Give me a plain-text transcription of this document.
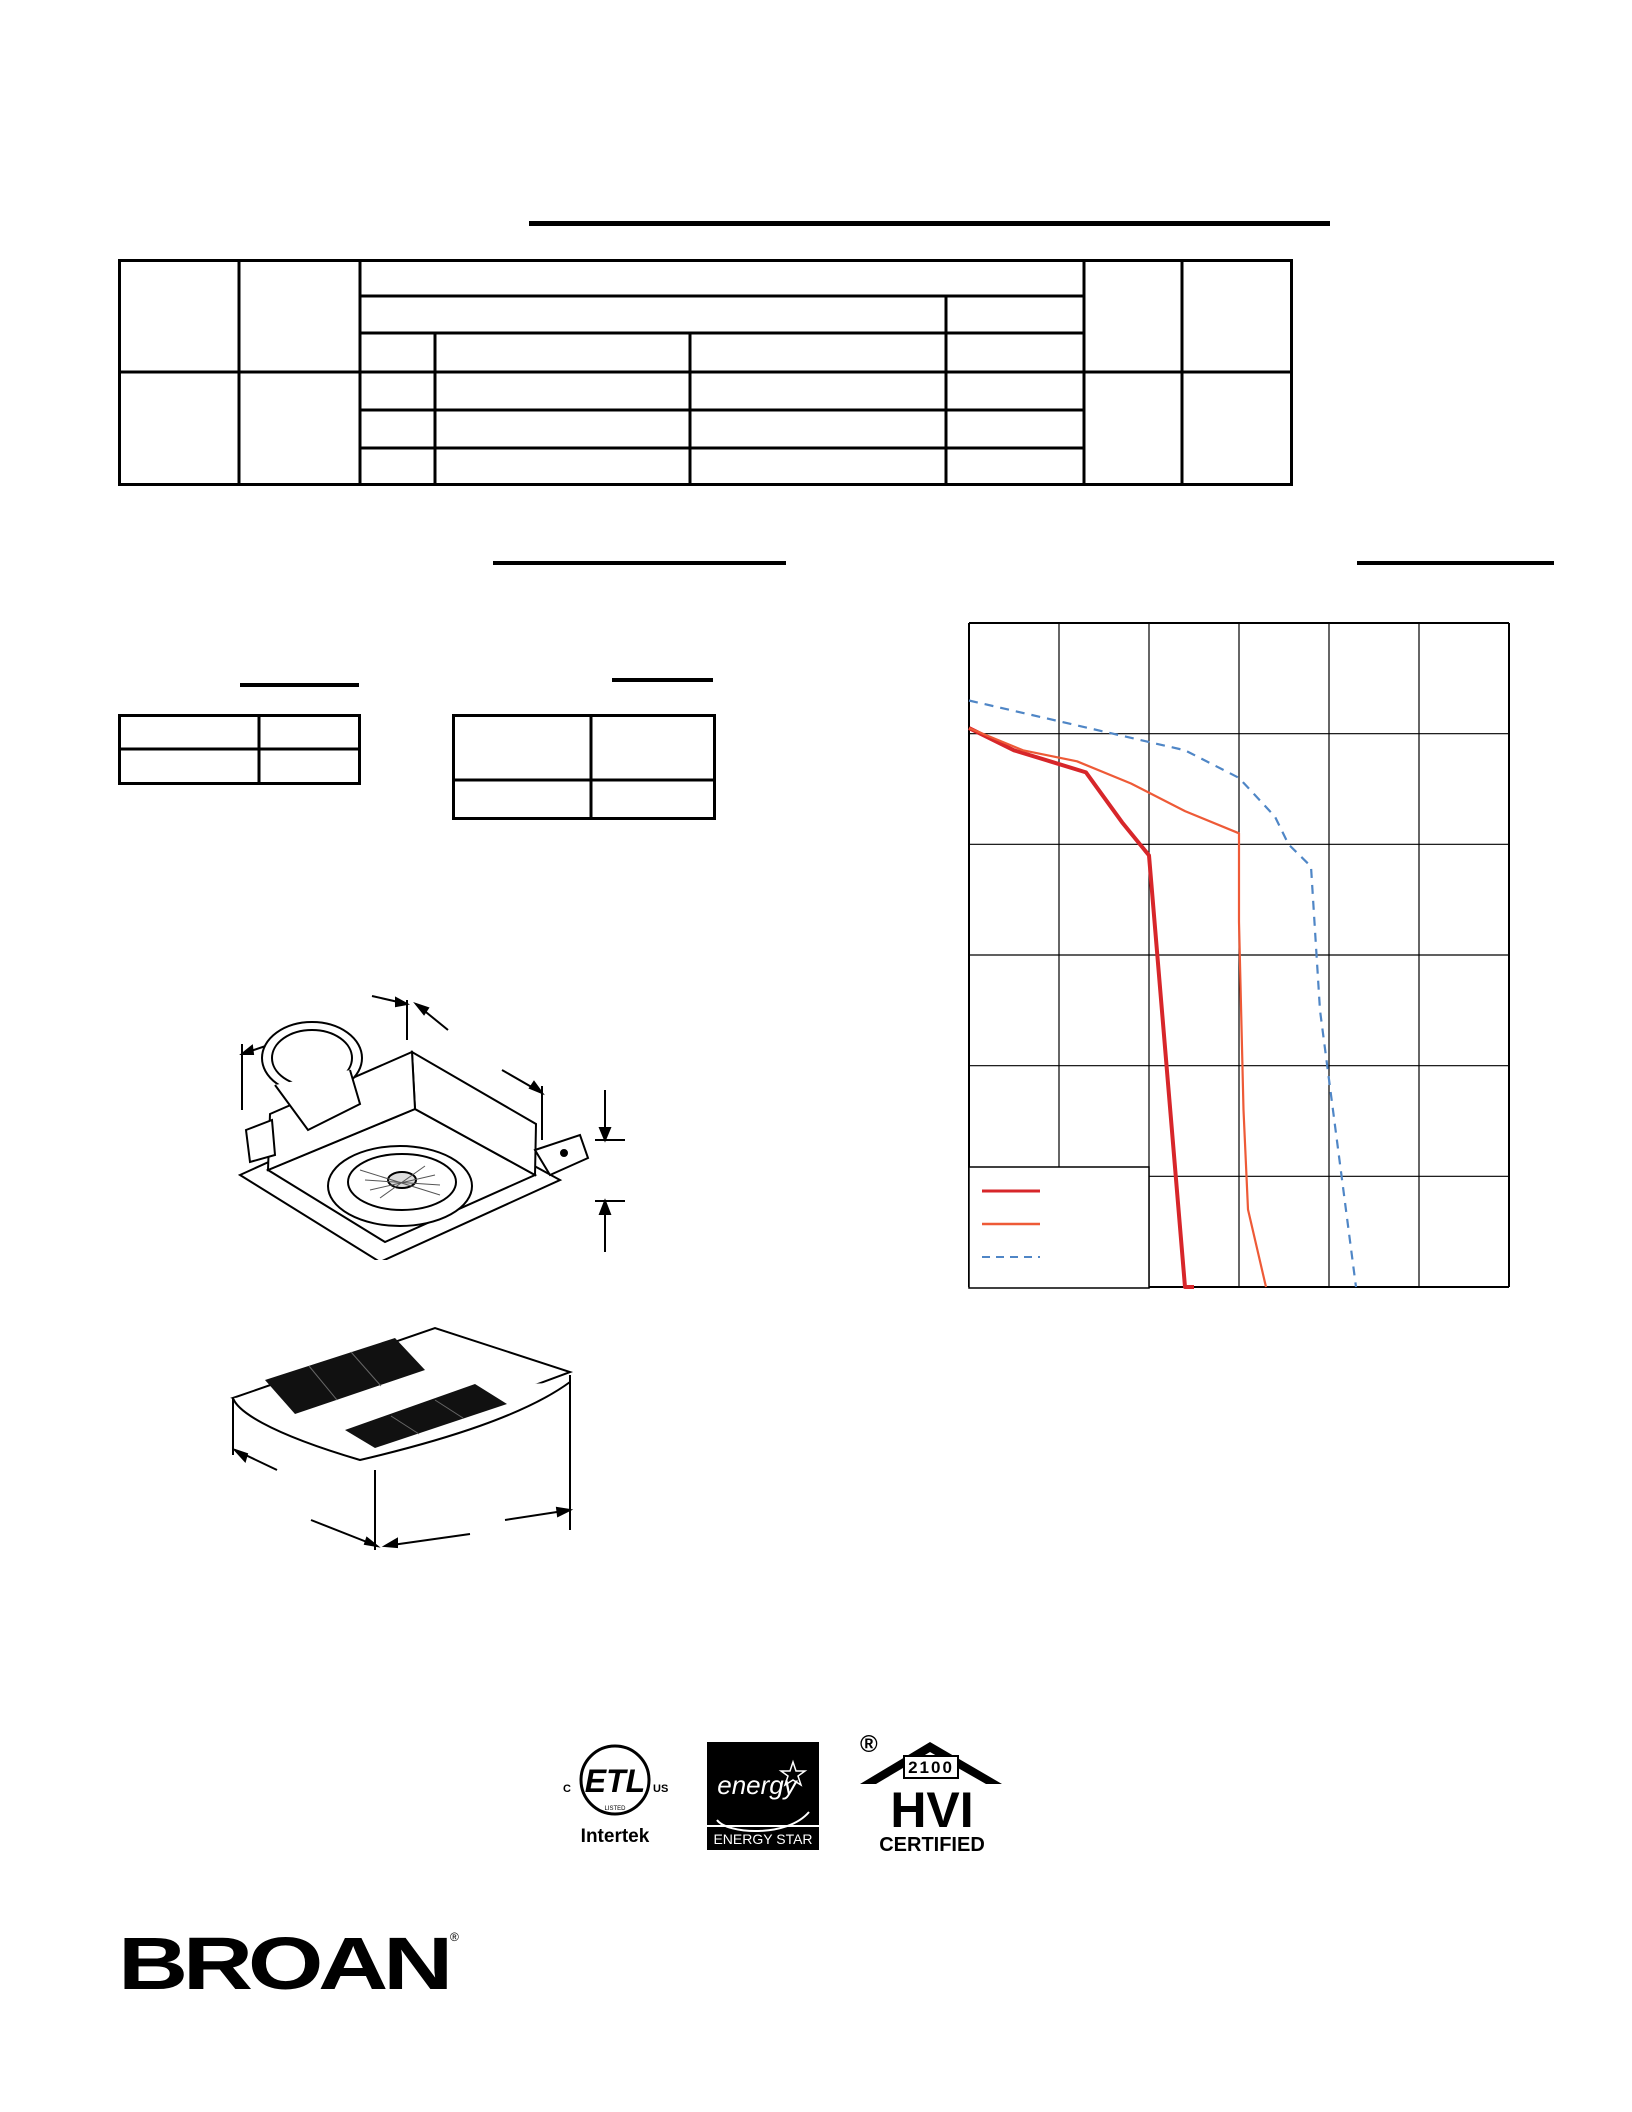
ETL
C	US
LISTED
Intertek
energy
ENERGY STAR
®
2100
HVI
CERTIFIED
BROAN ®
